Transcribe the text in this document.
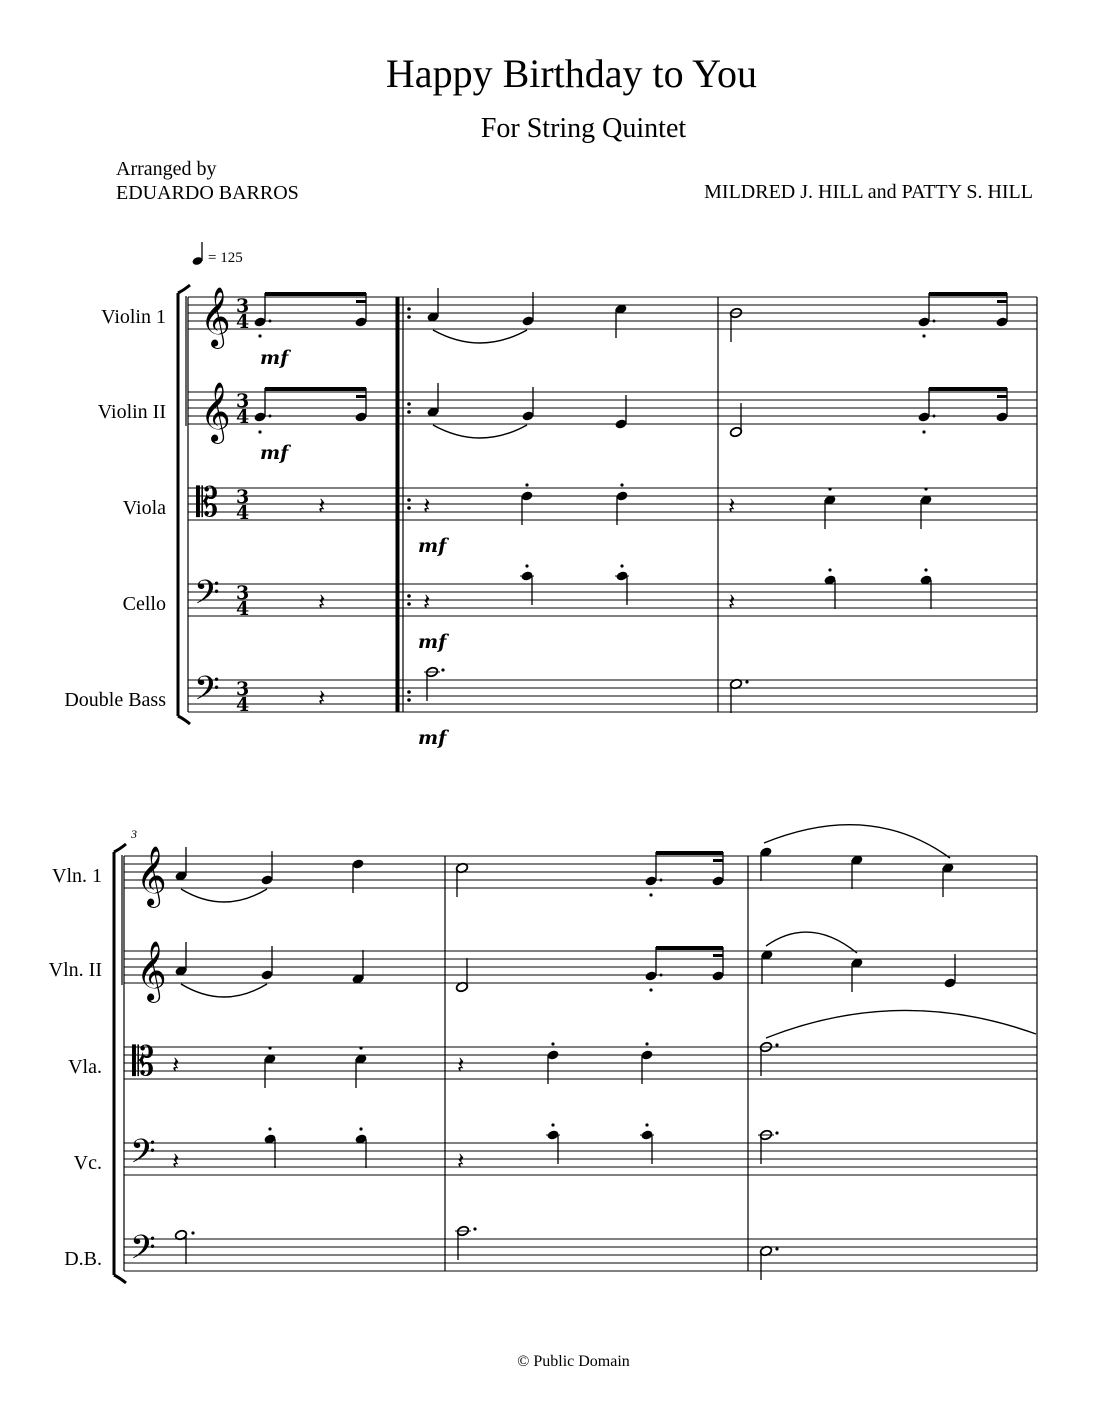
Happy Birthday to You
For String Quintet
Arranged by
EDUARDO BARROS	MILDRED J. HILL and PATTY S. HILL
© Public Domain
= 125
Violin 1
Violin II
Viola
Cello
Double Bass
𝄞
𝄞
𝄡
𝄢
𝄢
3
4
3
4
3
4
3
4
3
4
mf
mf
𝄽
𝄽
𝄽
𝄽
mf
𝄽
mf
mf
𝄽
𝄽
3
Vln. 1
Vln. II
Vla.
Vc.
D.B.
𝄞
𝄞
𝄡
𝄢
𝄢
𝄽
𝄽
𝄽
𝄽
